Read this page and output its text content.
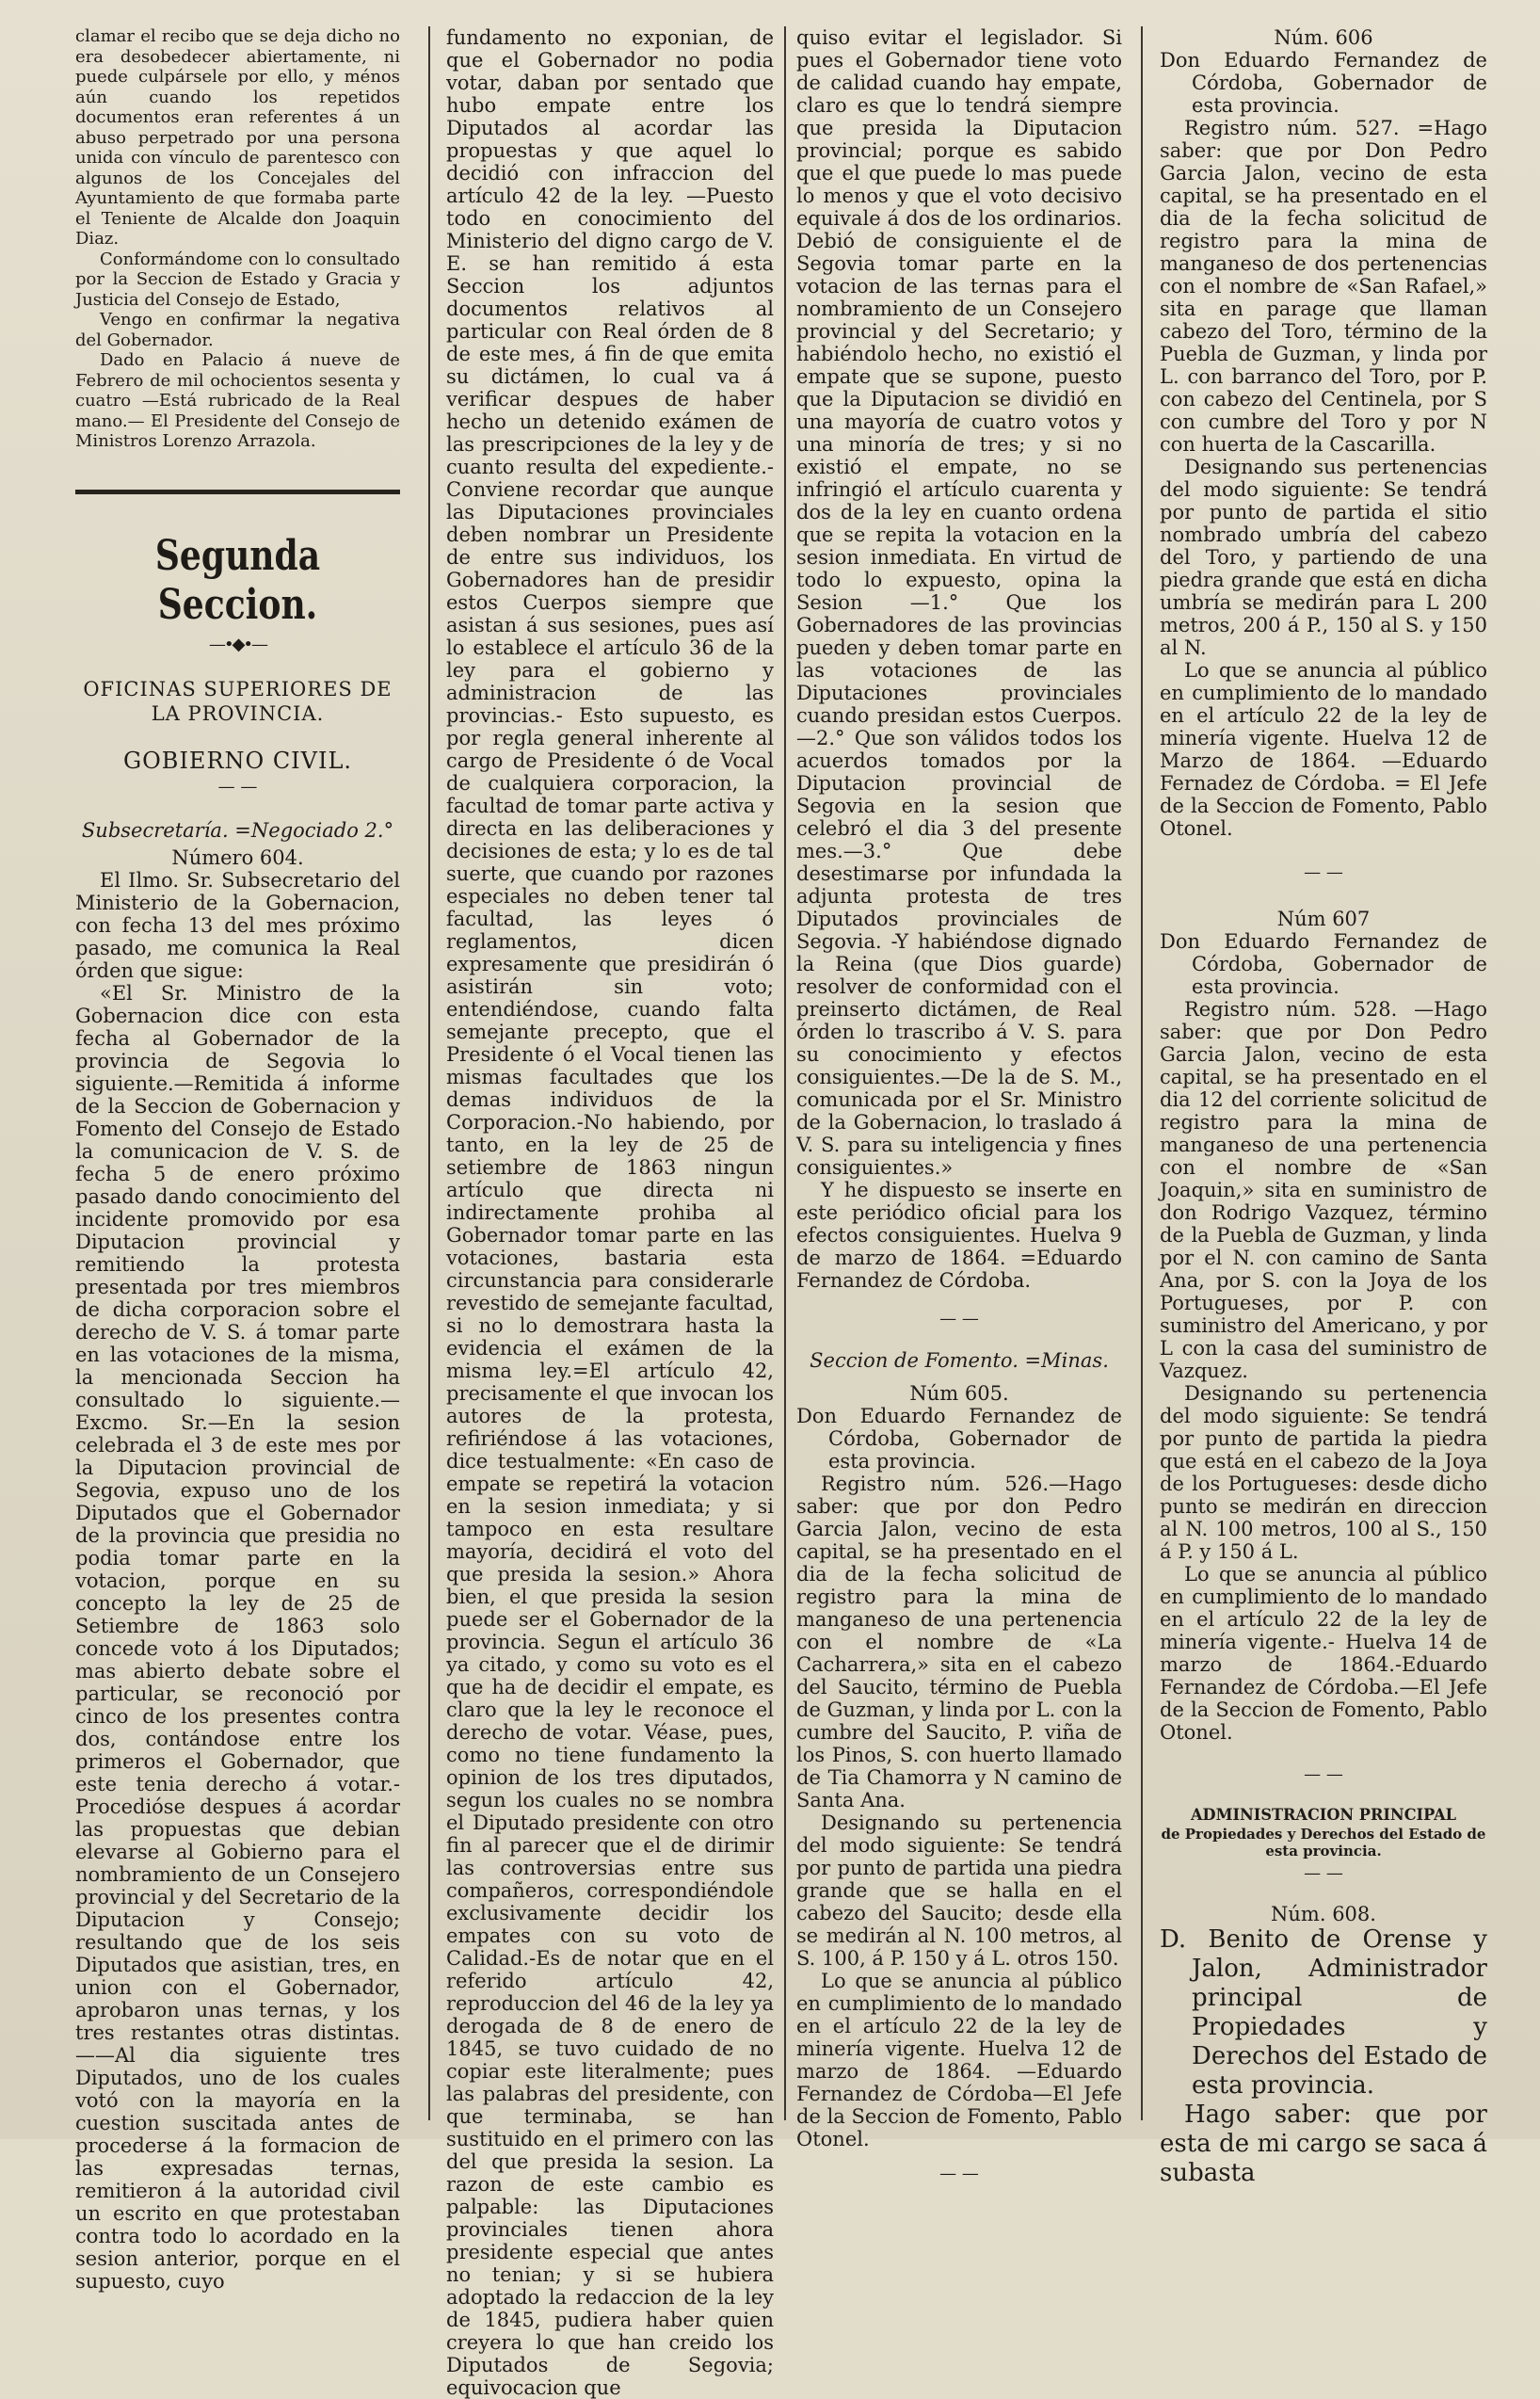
clamar el recibo que se deja dicho no era desobedecer abiertamente, ni puede culpársele por ello, y ménos aún cuando los repetidos documentos eran referentes á un abuso perpetrado por una persona unida con vínculo de parentesco con algunos de los Concejales del Ayuntamiento de que formaba parte el Teniente de Alcalde don Joaquin Diaz.

Conformándome con lo consultado por la Seccion de Estado y Gracia y Justicia del Consejo de Estado,

Vengo en confirmar la negativa del Gobernador.

Dado en Palacio á nueve de Febrero de mil ochocientos sesenta y cuatro —Está rubricado de la Real mano.— El Presidente del Consejo de Ministros Lorenzo Arrazola.

Segunda Seccion.
—•◆•—
OFICINAS SUPERIORES DE LA PROVINCIA.
GOBIERNO CIVIL.
— —
Subsecretaría. =Negociado 2.°
Número 604.

El Ilmo. Sr. Subsecretario del Ministerio de la Gobernacion, con fecha 13 del mes próximo pasado, me comunica la Real órden que sigue:

«El Sr. Ministro de la Gobernacion dice con esta fecha al Gobernador de la provincia de Segovia lo siguiente.—Remitida á informe de la Seccion de Gobernacion y Fomento del Consejo de Estado la comunicacion de V. S. de fecha 5 de enero próximo pasado dando conocimiento del incidente promovido por esa Diputacion provincial y remitiendo la protesta presentada por tres miembros de dicha corporacion sobre el derecho de V. S. á tomar parte en las votaciones de la misma, la mencionada Seccion ha consultado lo siguiente.—Excmo. Sr.—En la sesion celebrada el 3 de este mes por la Diputacion provincial de Segovia, expuso uno de los Diputados que el Gobernador de la provincia que presidia no podia tomar parte en la votacion, porque en su concepto la ley de 25 de Setiembre de 1863 solo concede voto á los Diputados; mas abierto debate sobre el particular, se reconoció por cinco de los presentes contra dos, contándose entre los primeros el Gobernador, que este tenia derecho á votar.-Procedióse despues á acordar las propuestas que debian elevarse al Gobierno para el nombramiento de un Consejero provincial y del Secretario de la Diputacion y Consejo; resultando que de los seis Diputados que asistian, tres, en union con el Gobernador, aprobaron unas ternas, y los tres restantes otras distintas.——Al dia siguiente tres Diputados, uno de los cuales votó con la mayoría en la cuestion suscitada antes de procederse á la formacion de las expresadas ternas, remitieron á la autoridad civil un escrito en que protestaban contra todo lo acordado en la sesion anterior, porque en el supuesto, cuyo

fundamento no exponian, de que el Gobernador no podia votar, daban por sentado que hubo empate entre los Diputados al acordar las propuestas y que aquel lo decidió con infraccion del artículo 42 de la ley. —Puesto todo en conocimiento del Ministerio del digno cargo de V. E. se han remitido á esta Seccion los adjuntos documentos relativos al particular con Real órden de 8 de este mes, á fin de que emita su dictámen, lo cual va á verificar despues de haber hecho un detenido exámen de las prescripciones de la ley y de cuanto resulta del expediente.-Conviene recordar que aunque las Diputaciones provinciales deben nombrar un Presidente de entre sus individuos, los Gobernadores han de presidir estos Cuerpos siempre que asistan á sus sesiones, pues así lo establece el artículo 36 de la ley para el gobierno y administracion de las provincias.- Esto supuesto, es por regla general inherente al cargo de Presidente ó de Vocal de cualquiera corporacion, la facultad de tomar parte activa y directa en las deliberaciones y decisiones de esta; y lo es de tal suerte, que cuando por razones especiales no deben tener tal facultad, las leyes ó reglamentos, dicen expresamente que presidirán ó asistirán sin voto; entendiéndose, cuando falta semejante precepto, que el Presidente ó el Vocal tienen las mismas facultades que los demas individuos de la Corporacion.-No habiendo, por tanto, en la ley de 25 de setiembre de 1863 ningun artículo que directa ni indirectamente prohiba al Gobernador tomar parte en las votaciones, bastaria esta circunstancia para considerarle revestido de semejante facultad, si no lo demostrara hasta la evidencia el exámen de la misma ley.=El artículo 42, precisamente el que invocan los autores de la protesta, refiriéndose á las votaciones, dice testualmente: «En caso de empate se repetirá la votacion en la sesion inmediata; y si tampoco en esta resultare mayoría, decidirá el voto del que presida la sesion.» Ahora bien, el que presida la sesion puede ser el Gobernador de la provincia. Segun el artículo 36 ya citado, y como su voto es el que ha de decidir el empate, es claro que la ley le reconoce el derecho de votar. Véase, pues, como no tiene fundamento la opinion de los tres diputados, segun los cuales no se nombra el Diputado presidente con otro fin al parecer que el de dirimir las controversias entre sus compañeros, correspondiéndole exclusivamente decidir los empates con su voto de Calidad.-Es de notar que en el referido artículo 42, reproduccion del 46 de la ley ya derogada de 8 de enero de 1845, se tuvo cuidado de no copiar este literalmente; pues las palabras del presidente, con que terminaba, se han sustituido en el primero con las del que presida la sesion. La razon de este cambio es palpable: las Diputaciones provinciales tienen ahora presidente especial que antes no tenian; y si se hubiera adoptado la redaccion de la ley de 1845, pudiera haber quien creyera lo que han creido los Diputados de Segovia; equivocacion que

quiso evitar el legislador. Si pues el Gobernador tiene voto de calidad cuando hay empate, claro es que lo tendrá siempre que presida la Diputacion provincial; porque es sabido que el que puede lo mas puede lo menos y que el voto decisivo equivale á dos de los ordinarios. Debió de consiguiente el de Segovia tomar parte en la votacion de las ternas para el nombramiento de un Consejero provincial y del Secretario; y habiéndolo hecho, no existió el empate que se supone, puesto que la Diputacion se dividió en una mayoría de cuatro votos y una minoría de tres; y si no existió el empate, no se infringió el artículo cuarenta y dos de la ley en cuanto ordena que se repita la votacion en la sesion inmediata. En virtud de todo lo expuesto, opina la Sesion —1.° Que los Gobernadores de las provincias pueden y deben tomar parte en las votaciones de las Diputaciones provinciales cuando presidan estos Cuerpos.—2.° Que son válidos todos los acuerdos tomados por la Diputacion provincial de Segovia en la sesion que celebró el dia 3 del presente mes.—3.° Que debe desestimarse por infundada la adjunta protesta de tres Diputados provinciales de Segovia. -Y habiéndose dignado la Reina (que Dios guarde) resolver de conformidad con el preinserto dictámen, de Real órden lo trascribo á V. S. para su conocimiento y efectos consiguientes.—De la de S. M., comunicada por el Sr. Ministro de la Gobernacion, lo traslado á V. S. para su inteligencia y fines consiguientes.»

Y he dispuesto se inserte en este periódico oficial para los efectos consiguientes. Huelva 9 de marzo de 1864. =Eduardo Fernandez de Córdoba.

— —
Seccion de Fomento. =Minas.
Núm 605.

Don Eduardo Fernandez de Córdoba, Gobernador de esta provincia.

Registro núm. 526.—Hago saber: que por don Pedro Garcia Jalon, vecino de esta capital, se ha presentado en el dia de la fecha solicitud de registro para la mina de manganeso de una pertenencia con el nombre de «La Cacharrera,» sita en el cabezo del Saucito, término de Puebla de Guzman, y linda por L. con la cumbre del Saucito, P. viña de los Pinos, S. con huerto llamado de Tia Chamorra y N camino de Santa Ana.

Designando su pertenencia del modo siguiente: Se tendrá por punto de partida una piedra grande que se halla en el cabezo del Saucito; desde ella se medirán al N. 100 metros, al S. 100, á P. 150 y á L. otros 150.

Lo que se anuncia al público en cumplimiento de lo mandado en el artículo 22 de la ley de minería vigente. Huelva 12 de marzo de 1864. —Eduardo Fernandez de Córdoba—El Jefe de la Seccion de Fomento, Pablo Otonel.

— —
Núm. 606

Don Eduardo Fernandez de Córdoba, Gobernador de esta provincia.

Registro núm. 527. =Hago saber: que por Don Pedro Garcia Jalon, vecino de esta capital, se ha presentado en el dia de la fecha solicitud de registro para la mina de manganeso de dos pertenencias con el nombre de «San Rafael,» sita en parage que llaman cabezo del Toro, término de la Puebla de Guzman, y linda por L. con barranco del Toro, por P. con cabezo del Centinela, por S con cumbre del Toro y por N con huerta de la Cascarilla.

Designando sus pertenencias del modo siguiente: Se tendrá por punto de partida el sitio nombrado umbría del cabezo del Toro, y partiendo de una piedra grande que está en dicha umbría se medirán para L 200 metros, 200 á P., 150 al S. y 150 al N.

Lo que se anuncia al público en cumplimiento de lo mandado en el artículo 22 de la ley de minería vigente. Huelva 12 de Marzo de 1864. —Eduardo Fernadez de Córdoba. = El Jefe de la Seccion de Fomento, Pablo Otonel.

— —
Núm 607

Don Eduardo Fernandez de Córdoba, Gobernador de esta provincia.

Registro núm. 528. —Hago saber: que por Don Pedro Garcia Jalon, vecino de esta capital, se ha presentado en el dia 12 del corriente solicitud de registro para la mina de manganeso de una pertenencia con el nombre de «San Joaquin,» sita en suministro de don Rodrigo Vazquez, término de la Puebla de Guzman, y linda por el N. con camino de Santa Ana, por S. con la Joya de los Portugueses, por P. con suministro del Americano, y por L con la casa del suministro de Vazquez.

Designando su pertenencia del modo siguiente: Se tendrá por punto de partida la piedra que está en el cabezo de la Joya de los Portugueses: desde dicho punto se medirán en direccion al N. 100 metros, 100 al S., 150 á P. y 150 á L.

Lo que se anuncia al público en cumplimiento de lo mandado en el artículo 22 de la ley de minería vigente.- Huelva 14 de marzo de 1864.-Eduardo Fernandez de Córdoba.—El Jefe de la Seccion de Fomento, Pablo Otonel.

— —
ADMINISTRACION PRINCIPAL
de Propiedades y Derechos del Estado de esta provincia.
— —
Núm. 608.

D. Benito de Orense y Jalon, Administrador principal de Propiedades y Derechos del Estado de esta provincia.

Hago saber: que por esta de mi cargo se saca á subasta
